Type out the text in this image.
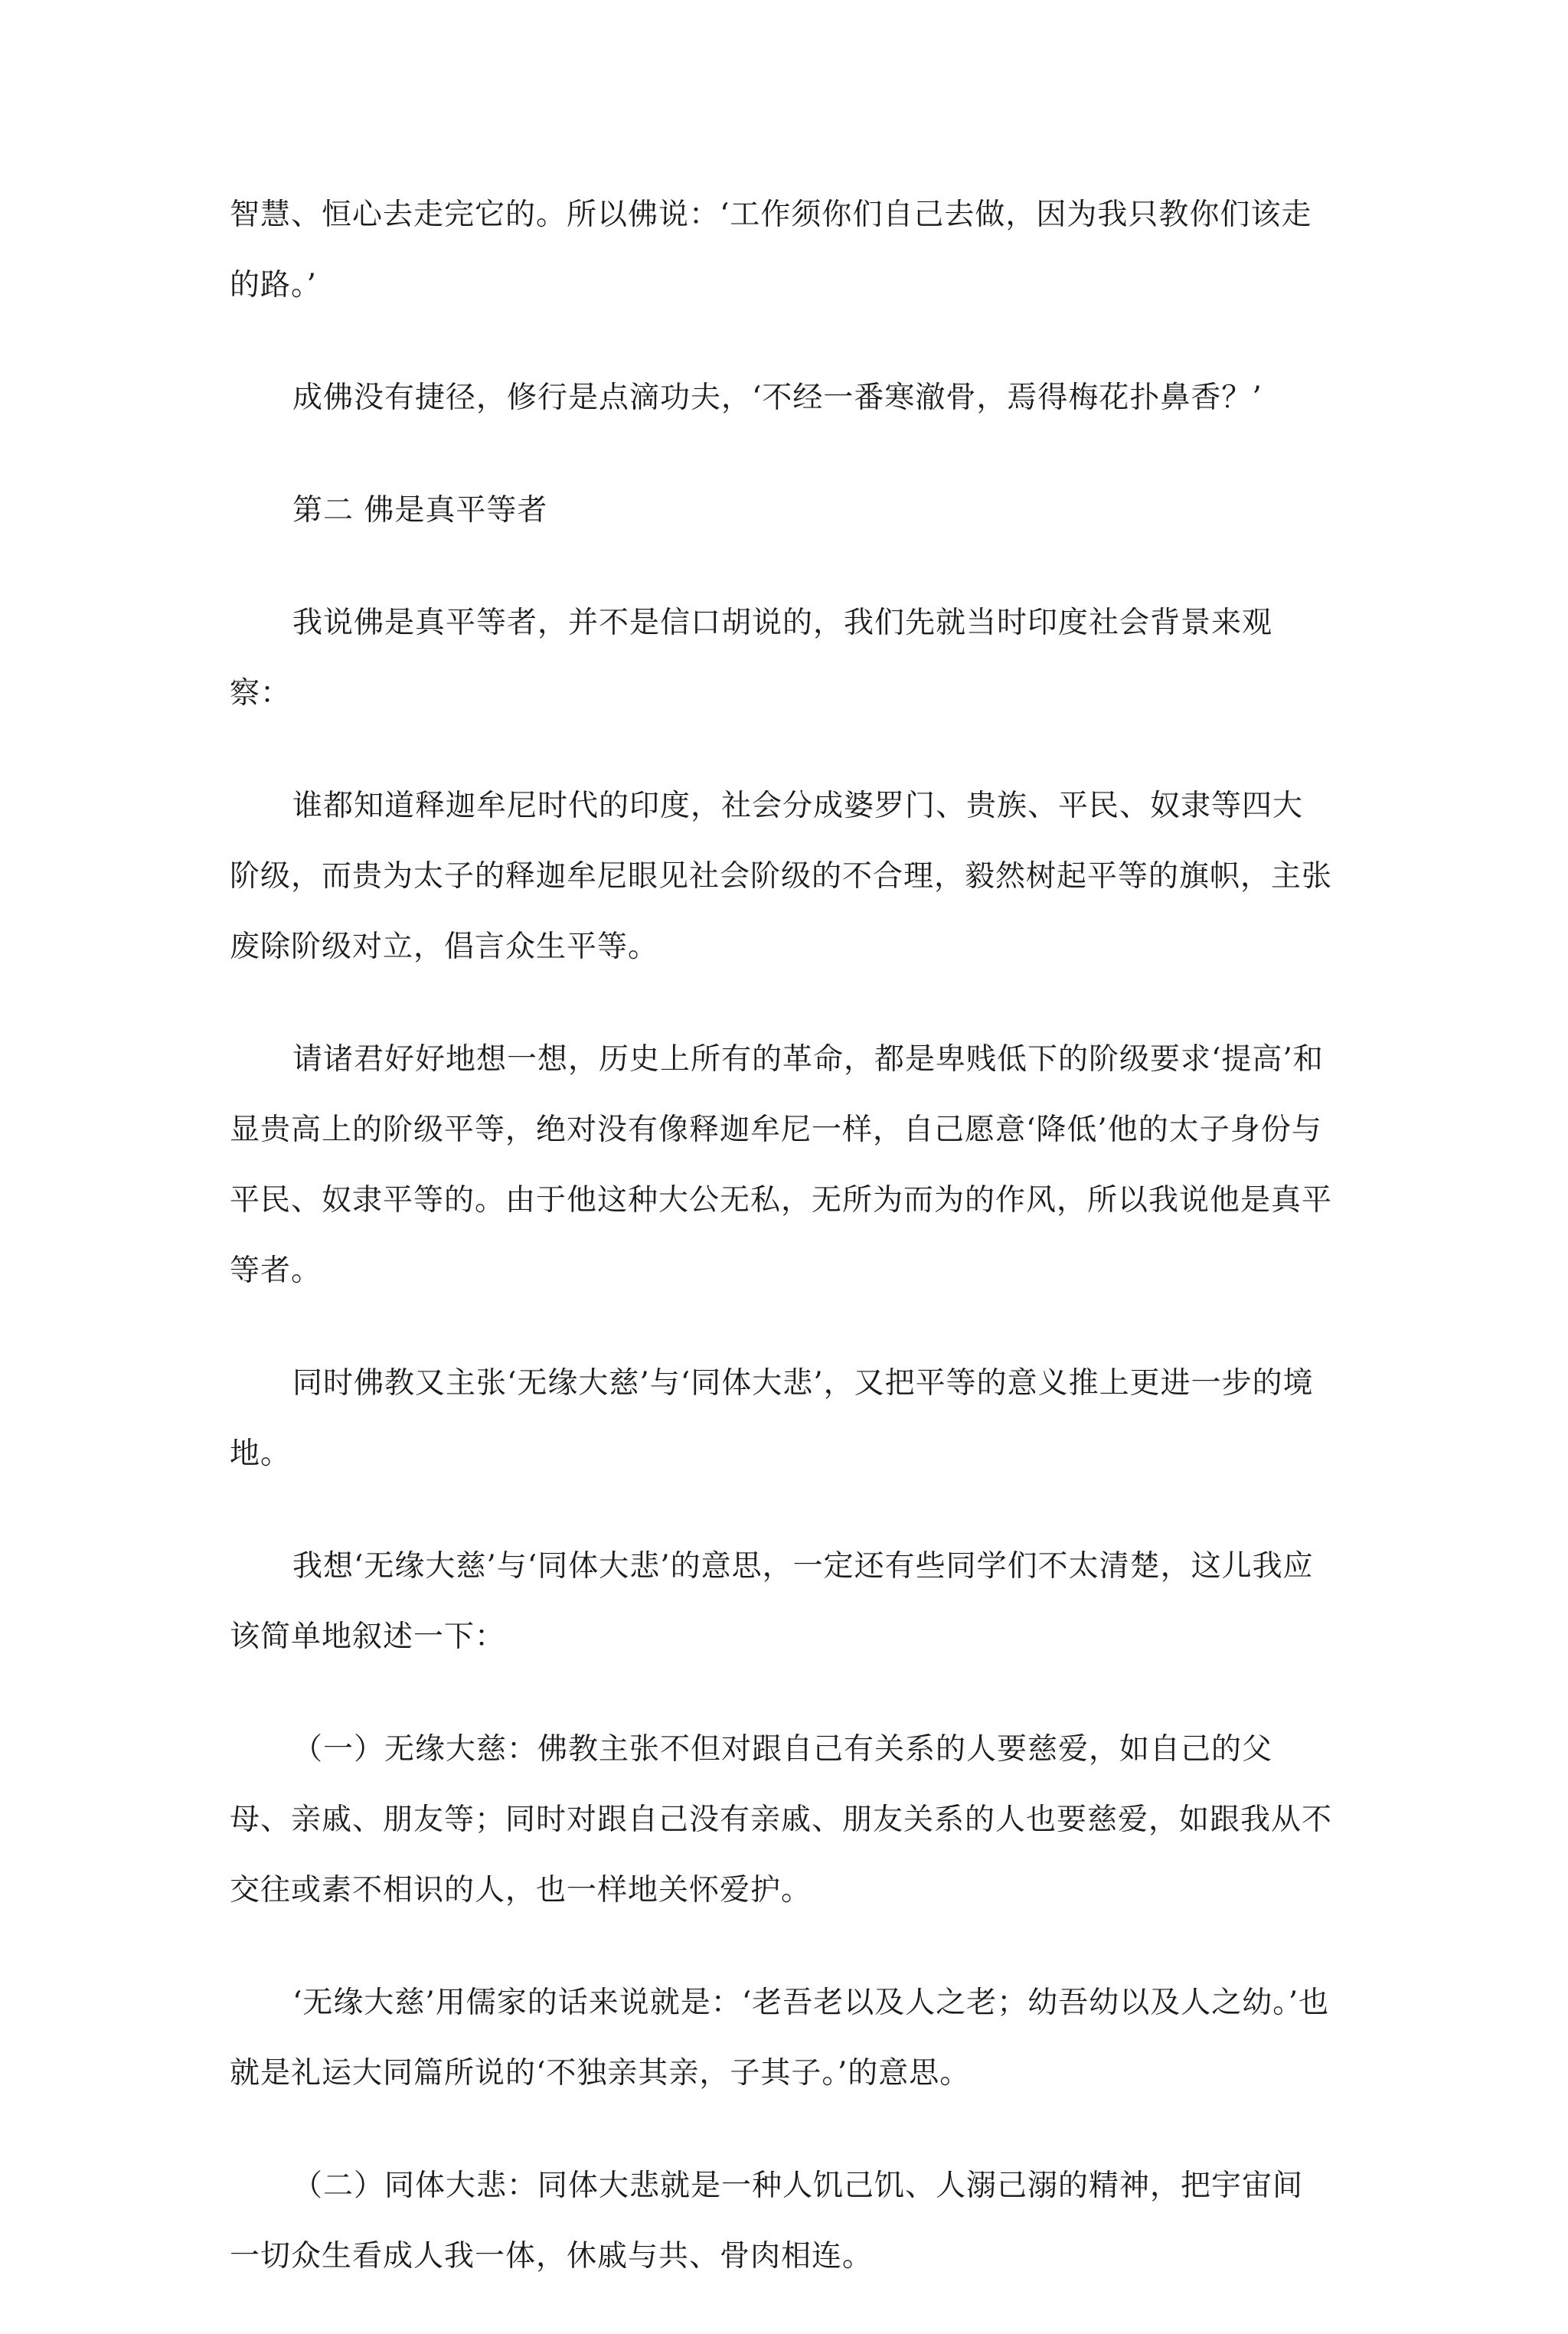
智慧、恒心去走完它的。所以佛说：‘工作须你们自己去做，因为我只教你们该走的路。’

成佛没有捷径，修行是点滴功夫，‘不经一番寒澈骨，焉得梅花扑鼻香？’

第二 佛是真平等者

我说佛是真平等者，并不是信口胡说的，我们先就当时印度社会背景来观察：

谁都知道释迦牟尼时代的印度，社会分成婆罗门、贵族、平民、奴隶等四大阶级，而贵为太子的释迦牟尼眼见社会阶级的不合理，毅然树起平等的旗帜，主张废除阶级对立，倡言众生平等。

请诸君好好地想一想，历史上所有的革命，都是卑贱低下的阶级要求‘提高’和显贵高上的阶级平等，绝对没有像释迦牟尼一样，自己愿意‘降低’他的太子身份与平民、奴隶平等的。由于他这种大公无私，无所为而为的作风，所以我说他是真平等者。

同时佛教又主张‘无缘大慈’与‘同体大悲’，又把平等的意义推上更进一步的境地。

我想‘无缘大慈’与‘同体大悲’的意思，一定还有些同学们不太清楚，这儿我应该简单地叙述一下：

（一）无缘大慈：佛教主张不但对跟自己有关系的人要慈爱，如自己的父母、亲戚、朋友等；同时对跟自己没有亲戚、朋友关系的人也要慈爱，如跟我从不交往或素不相识的人，也一样地关怀爱护。

‘无缘大慈’用儒家的话来说就是：‘老吾老以及人之老；幼吾幼以及人之幼。’也就是礼运大同篇所说的‘不独亲其亲，子其子。’的意思。

（二）同体大悲：同体大悲就是一种人饥己饥、人溺己溺的精神，把宇宙间一切众生看成人我一体，休戚与共、骨肉相连。
